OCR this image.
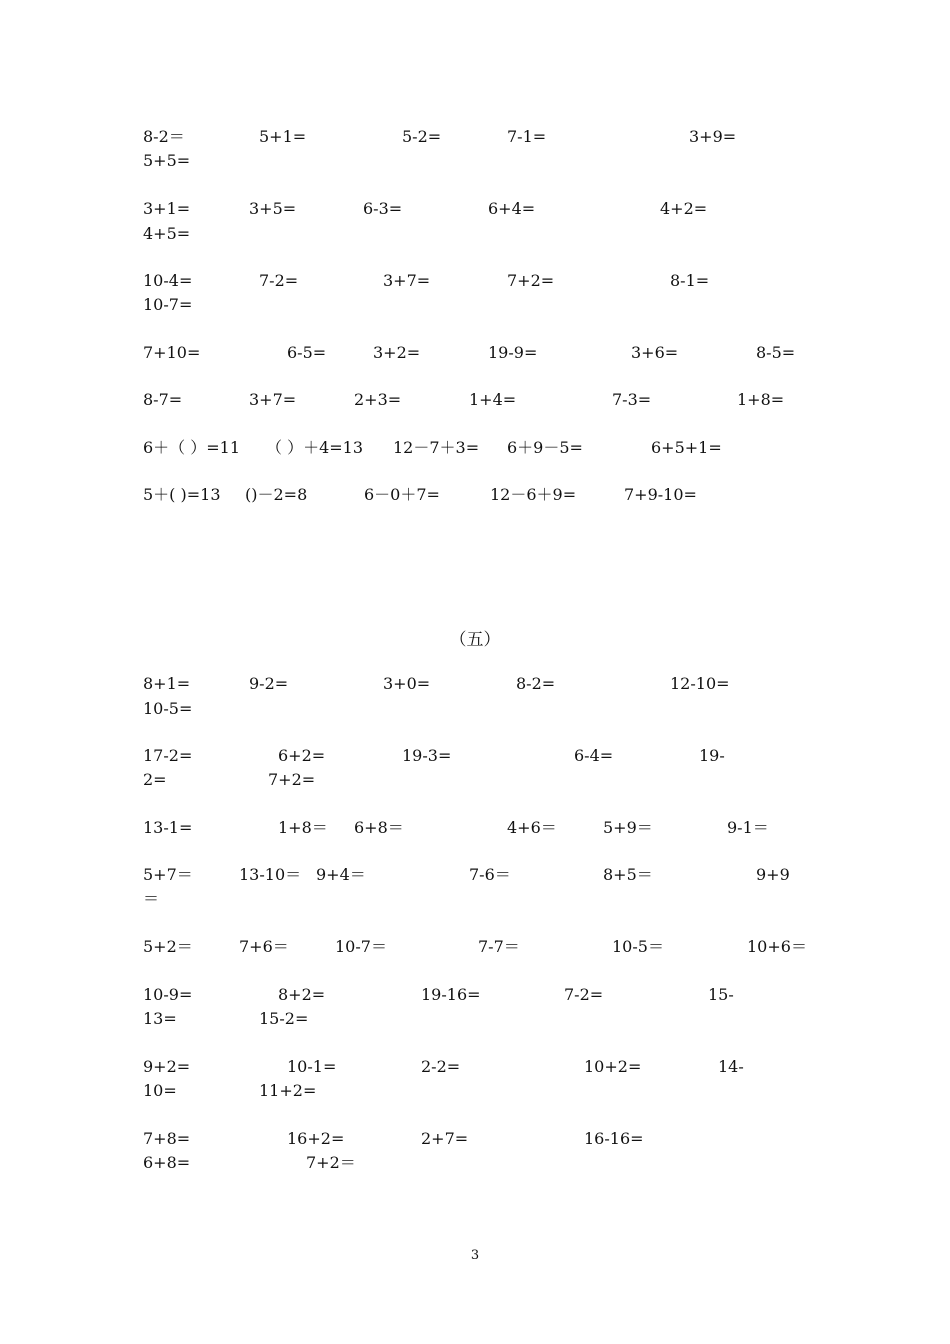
8-2＝	5+1=	5-2=	7-1=	3+9=
5+5=
3+1=	3+5=	6-3=	6+4=	4+2=
4+5=
10-4=	7-2=	3+7=	7+2=	8-1=
10-7=
7+10=	6-5=	3+2=	19-9=	3+6=	8-5=
8-7=	3+7=	2+3=	1+4=	7-3=	1+8=
6＋（ ）=11 （ ）＋4=13 12－7＋3= 6＋9－5=	6+5+1=
5＋( )=13 ()－2=8	6－0＋7=	12－6＋9=	7+9-10=
（五）
8+1=	9-2=	3+0=	8-2=	12-10=
10-5=
17-2=	6+2=	19-3=	6-4=	19-
2=	7+2=
13-1=	1+8＝ 6+8＝	4+6＝	5+9＝	9-1＝
5+7＝	13-10＝ 9+4＝	7-6＝	8+5＝	9+9
＝
5+2＝	7+6＝	10-7＝	7-7＝	10-5＝	10+6＝
10-9=	8+2=	19-16=	7-2=	15-
13=	15-2=
9+2=	10-1=	2-2=	10+2=	14-
10=	11+2=
7+8=	16+2=	2+7=	16-16=
6+8=	7+2＝
3
